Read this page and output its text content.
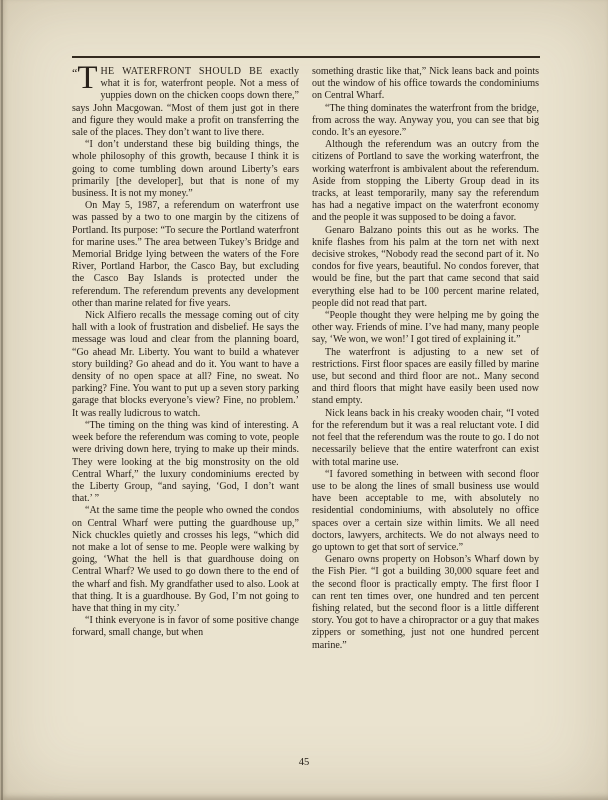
“ T HE WATERFRONT SHOULD BE exactly what it is for, waterfront people. Not a mess of yuppies down on the chicken coops down there,” says John Macgowan. “Most of them just got in there and figure they would make a profit on transferring the sale of the places. They don’t want to live there.

“I don’t understand these big building things, the whole philosophy of this growth, because I think it is going to come tumbling down around Liberty’s ears primarily [the developer], but that is none of my business. It is not my money.”

On May 5, 1987, a referendum on waterfront use was passed by a two to one margin by the citizens of Portland. Its purpose: “To secure the Portland waterfront for marine uses.” The area between Tukey’s Bridge and Memorial Bridge lying between the waters of the Fore River, Portland Harbor, the Casco Bay, but excluding the Casco Bay Islands is protected under the referendum. The referendum prevents any development other than marine related for five years.

Nick Alfiero recalls the message coming out of city hall with a look of frustration and disbelief. He says the message was loud and clear from the planning board, “Go ahead Mr. Liberty. You want to build a whatever story building? Go ahead and do it. You want to have a density of no open space at all? Fine, no sweat. No parking? Fine. You want to put up a seven story parking garage that blocks everyone’s view? Fine, no problem.’ It was really ludicrous to watch.

“The timing on the thing was kind of interesting. A week before the referendum was coming to vote, people were driving down here, trying to make up their minds. They were looking at the big monstrosity on the old Central Wharf,” the luxury condominiums erected by the Liberty Group, “and saying, ‘God, I don’t want that.’ ”

“At the same time the people who owned the condos on Central Wharf were putting the guardhouse up,” Nick chuckles quietly and crosses his legs, “which did not make a lot of sense to me. People were walking by going, ‘What the hell is that guardhouse doing on Central Wharf? We used to go down there to the end of the wharf and fish. My grandfather used to also. Look at that thing. It is a guardhouse. By God, I’m not going to have that thing in my city.’

“I think everyone is in favor of some positive change forward, small change, but when

something drastic like that,” Nick leans back and points out the window of his office towards the condominiums on Central Wharf.

“The thing dominates the waterfront from the bridge, from across the way. Anyway you, you can see that big condo. It’s an eyesore.”

Although the referendum was an outcry from the citizens of Portland to save the working waterfront, the working waterfront is ambivalent about the referendum. Aside from stopping the Liberty Group dead in its tracks, at least temporarily, many say the referendum has had a negative impact on the waterfront economy and the people it was supposed to be doing a favor.

Genaro Balzano points this out as he works. The knife flashes from his palm at the torn net with next decisive strokes, “Nobody read the second part of it. No condos for five years, beautiful. No condos forever, that would be fine, but the part that came second that said everything else had to be 100 percent marine related, people did not read that part.

“People thought they were helping me by going the other way. Friends of mine. I’ve had many, many people say, ‘We won, we won!’ I got tired of explaining it.”

The waterfront is adjusting to a new set of restrictions. First floor spaces are easily filled by marine use, but second and third floor are not.. Many second and third floors that might have easily been used now stand empty.

Nick leans back in his creaky wooden chair, “I voted for the referendum but it was a real reluctant vote. I did not feel that the referendum was the route to go. I do not necessarily believe that the entire waterfront can exist with total marine use.

“I favored something in between with second floor use to be along the lines of small business use would have been acceptable to me, with absolutely no residential condominiums, with absolutely no office spaces over a certain size within limits. We all need doctors, lawyers, architects. We do not always need to go uptown to get that sort of service.”

Genaro owns property on Hobson’s Wharf down by the Fish Pier. “I got a building 30,000 square feet and the second floor is practically empty. The first floor I can rent ten times over, one hundred and ten percent fishing related, but the second floor is a little different story. You got to have a chiropractor or a guy that makes zippers or something, just not one hundred percent marine.”

45
